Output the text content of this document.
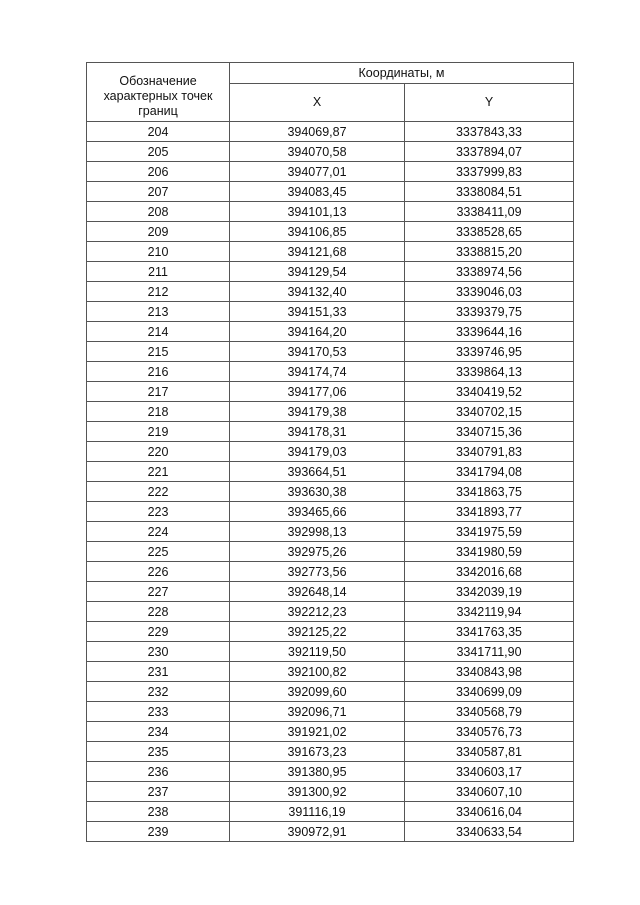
Обозначение характерных точек границ	Координаты, м	
	X	Y
204	394069,87	3337843,33
205	394070,58	3337894,07
206	394077,01	3337999,83
207	394083,45	3338084,51
208	394101,13	3338411,09
209	394106,85	3338528,65
210	394121,68	3338815,20
211	394129,54	3338974,56
212	394132,40	3339046,03
213	394151,33	3339379,75
214	394164,20	3339644,16
215	394170,53	3339746,95
216	394174,74	3339864,13
217	394177,06	3340419,52
218	394179,38	3340702,15
219	394178,31	3340715,36
220	394179,03	3340791,83
221	393664,51	3341794,08
222	393630,38	3341863,75
223	393465,66	3341893,77
224	392998,13	3341975,59
225	392975,26	3341980,59
226	392773,56	3342016,68
227	392648,14	3342039,19
228	392212,23	3342119,94
229	392125,22	3341763,35
230	392119,50	3341711,90
231	392100,82	3340843,98
232	392099,60	3340699,09
233	392096,71	3340568,79
234	391921,02	3340576,73
235	391673,23	3340587,81
236	391380,95	3340603,17
237	391300,92	3340607,10
238	391116,19	3340616,04
239	390972,91	3340633,54
